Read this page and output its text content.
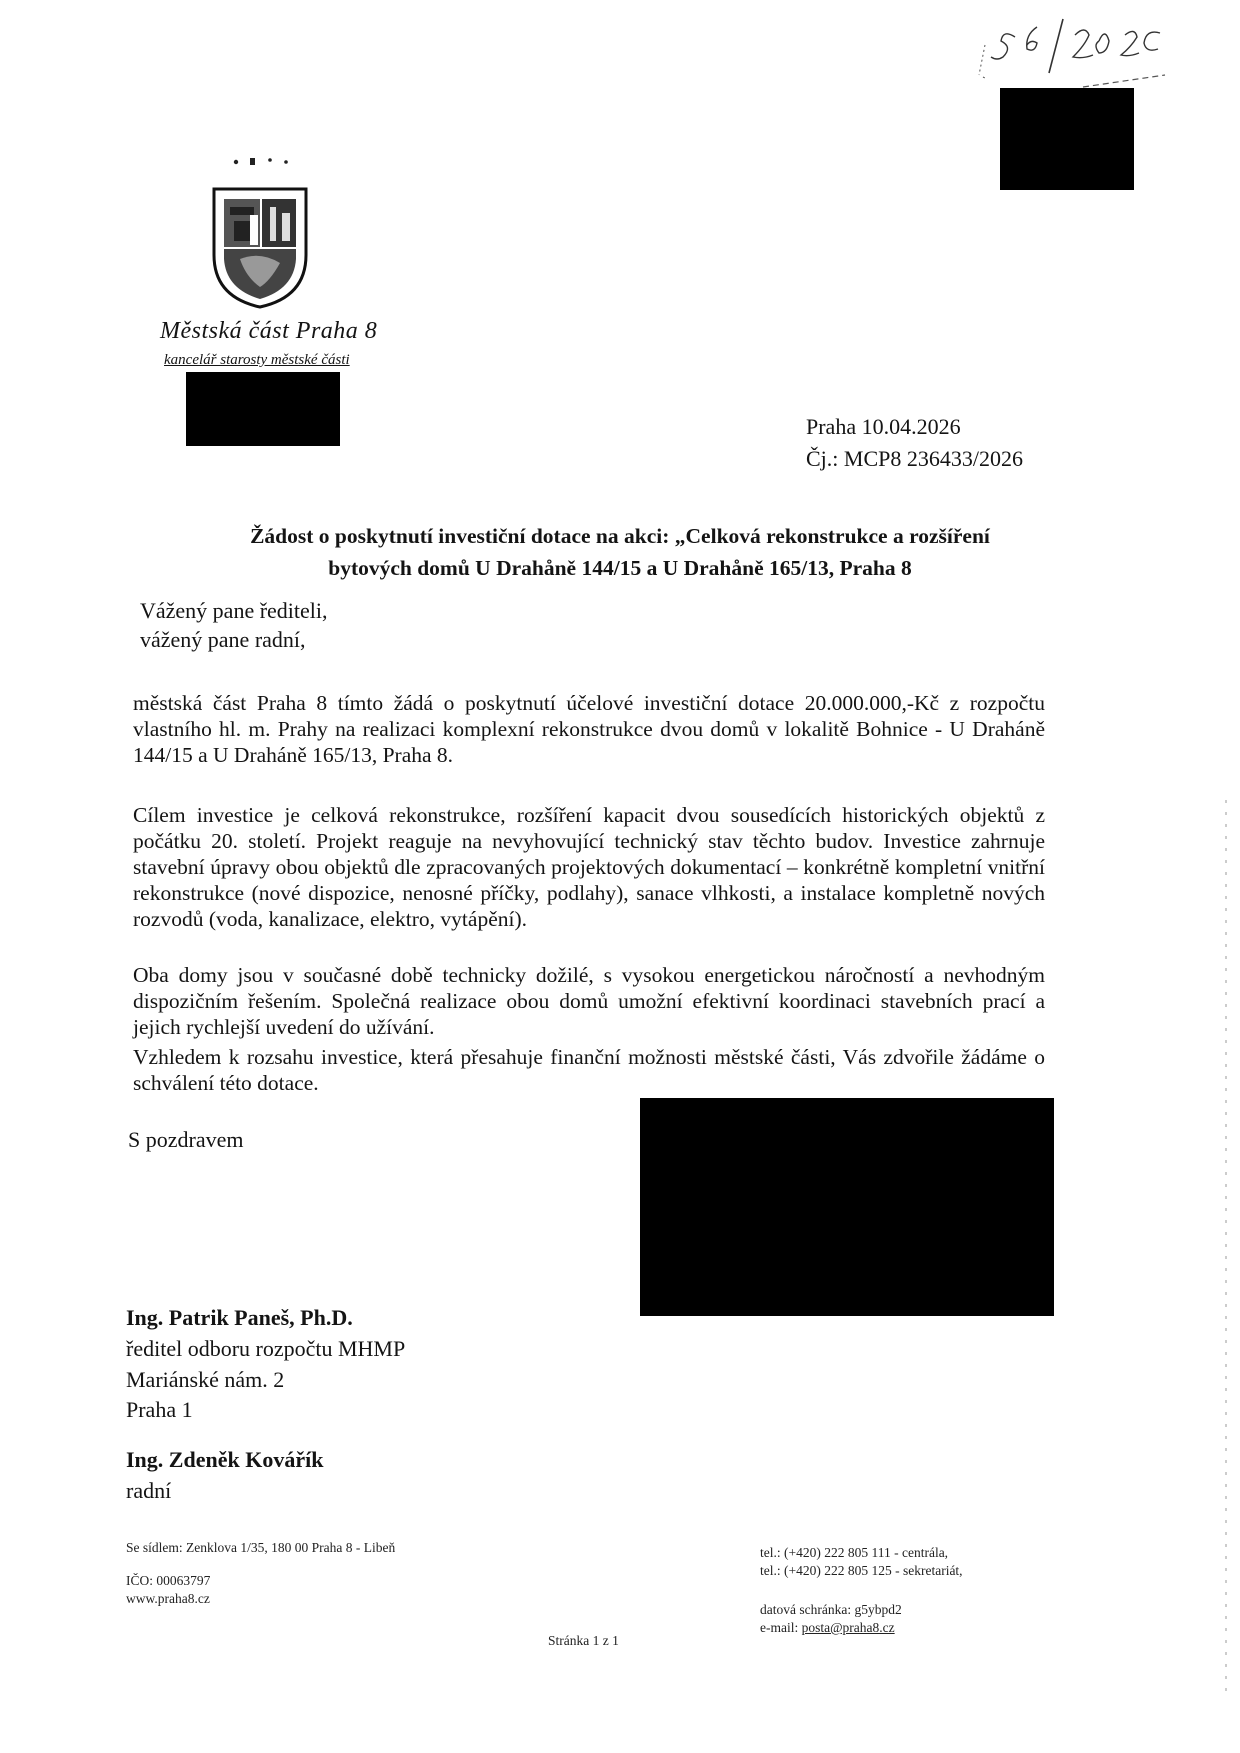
Městská část Praha 8
kancelář starosty městské části
Praha 10.04.2026
Čj.: MCP8 236433/2026
Žádost o poskytnutí investiční dotace na akci: „Celková rekonstrukce a rozšíření
bytových domů U Drahåně 144/15 a U Drahåně 165/13, Praha 8
Vážený pane řediteli,
vážený pane radní,

městská část Praha 8 tímto žádá o poskytnutí účelové investiční dotace 20.000.000,-Kč z rozpočtu vlastního hl. m. Prahy na realizaci komplexní rekonstrukce dvou domů v lokalitě Bohnice - U Draháně 144/15 a U Draháně 165/13, Praha 8.

Cílem investice je celková rekonstrukce, rozšíření kapacit dvou sousedících historických objektů z počátku 20. století. Projekt reaguje na nevyhovující technický stav těchto budov. Investice zahrnuje stavební úpravy obou objektů dle zpracovaných projektových dokumentací – konkrétně kompletní vnitřní rekonstrukce (nové dispozice, nenosné příčky, podlahy), sanace vlhkosti, a instalace kompletně nových rozvodů (voda, kanalizace, elektro, vytápění).

Oba domy jsou v současné době technicky dožilé, s vysokou energetickou náročností a nevhodným dispozičním řešením. Společná realizace obou domů umožní efektivní koordinaci stavebních prací a jejich rychlejší uvedení do užívání.

Vzhledem k rozsahu investice, která přesahuje finanční možnosti městské části, Vás zdvořile žádáme o schválení této dotace.

S pozdravem
Ing. Patrik Paneš, Ph.D.
ředitel odboru rozpočtu MHMP
Mariánské nám. 2
Praha 1
Ing. Zdeněk Kovářík
radní
Se sídlem: Zenklova 1/35, 180 00 Praha 8 - Libeň
IČO: 00063797
www.praha8.cz
tel.: (+420) 222 805 111 - centrála,
tel.: (+420) 222 805 125 - sekretariát,
datová schránka: g5ybpd2
e-mail: posta@praha8.cz
Stránka 1 z 1
